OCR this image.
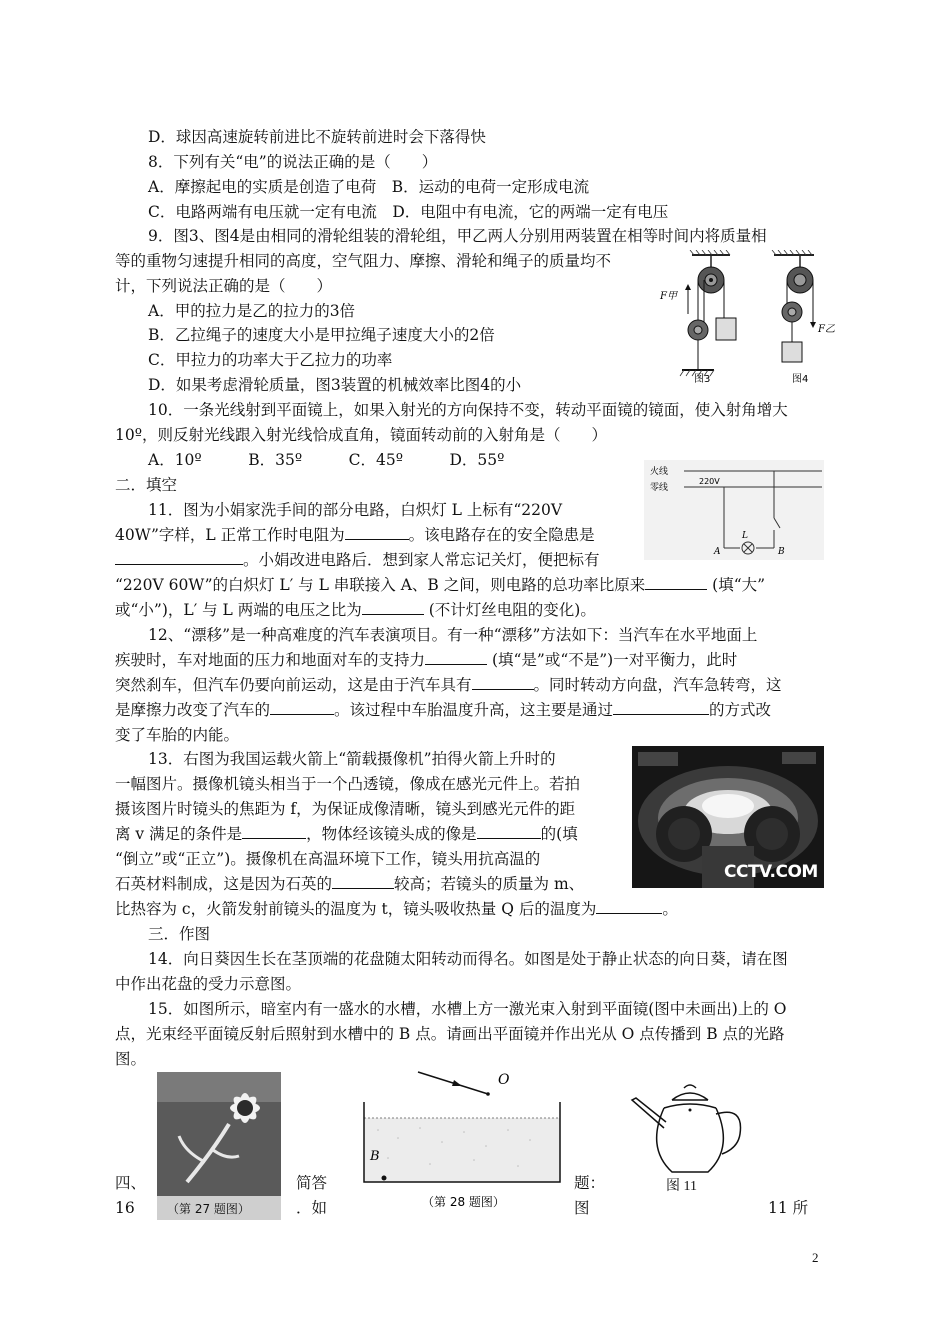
D．球因高速旋转前进比不旋转前进时会下落得快
8．下列有关“电”的说法正确的是（　　）
A．摩擦起电的实质是创造了电荷　B．运动的电荷一定形成电流
C．电路两端有电压就一定有电流　D．电阻中有电流，它的两端一定有电压
9．图3、图4是由相同的滑轮组装的滑轮组，甲乙两人分别用两装置在相等时间内将质量相
等的重物匀速提升相同的高度，空气阻力、摩擦、滑轮和绳子的质量均不
计，下列说法正确的是（　　）
A．甲的拉力是乙的拉力的3倍
B．乙拉绳子的速度大小是甲拉绳子速度大小的2倍
C．甲拉力的功率大于乙拉力的功率
D．如果考虑滑轮质量，图3装置的机械效率比图4的小
F甲
图3
F乙
图4
10．一条光线射到平面镜上，如果入射光的方向保持不变，转动平面镜的镜面，使入射角增大
10º，则反射光线跟入射光线恰成直角，镜面转动前的入射角是（　　）
A．10º　　　B．35º　　　C．45º　　　D．55º
二．填空
火线
零线
220V
L
A	B
11．图为小娟家洗手间的部分电路，白炽灯 L 上标有“220V
40W”字样，L 正常工作时电阻为	。该电路存在的安全隐患是
。小娟改进电路后．想到家人常忘记关灯，便把标有
“220V 60W”的白炽灯 L′ 与 L 串联接入 A、B 之间，则电路的总功率比原来	(填“大”
或“小”)，L′ 与 L 两端的电压之比为	(不计灯丝电阻的变化)。
12、“漂移”是一种高难度的汽车表演项目。有一种“漂移”方法如下：当汽车在水平地面上
疾驶时，车对地面的压力和地面对车的支持力	(填“是”或“不是”)一对平衡力，此时
突然刹车，但汽车仍要向前运动，这是由于汽车具有	。同时转动方向盘，汽车急转弯，这
是摩擦力改变了汽车的	。该过程中车胎温度升高，这主要是通过	的方式改
变了车胎的内能。
CCTV.COM
13．右图为我国运载火箭上“箭载摄像机”拍得火箭上升时的
一幅图片。摄像机镜头相当于一个凸透镜，像成在感光元件上。若拍
摄该图片时镜头的焦距为 f，为保证成像清晰，镜头到感光元件的距
离 v 满足的条件是	，物体经该镜头成的像是	的(填
“倒立”或“正立”)。摄像机在高温环境下工作，镜头用抗高温的
石英材料制成，这是因为石英的	较高；若镜头的质量为 m、
比热容为 c，火箭发射前镜头的温度为 t，镜头吸收热量 Q 后的温度为	。
三．作图
14．向日葵因生长在茎顶端的花盘随太阳转动而得名。如图是处于静止状态的向日葵，请在图
中作出花盘的受力示意图。
15．如图所示，暗室内有一盛水的水槽，水槽上方一激光束入射到平面镜(图中未画出)上的 O
点，光束经平面镜反射后照射到水槽中的 B 点。请画出平面镜并作出光从 O 点传播到 B 点的光路
图。
（第 27 题图）
O
B
（第 28 题图）
图 11
四、	简答	题：
16	．如	图	11 所
2
